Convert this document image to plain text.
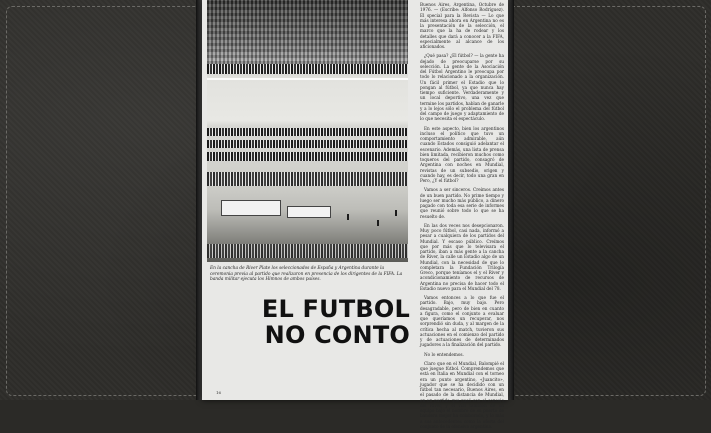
En la cancha de River Plate los seleccionados de España y Argentina durante la ceremonia previa al partido que realizaron en presencia de los dirigentes de la FIFA. La banda militar ejecuta los Himnos de ambos países.
EL FUTBOL
NO CONTO
16

Buenos Aires, Argentina, Octubre de 1976. — (Escribe: Alfonso Rodríguez). El special para la Revista — Lo que más interesa ahora en Argentina no es la presentación de la selección, el marco que la ha de rodear y los detalles que dará a conocer a la FIFA, especialmente al alcance de los aficionados.

¿Qué pasa? ¿El fútbol? — la gente ha dejado de preocuparse por su selección. La gente de la Asociación del Fútbol Argentino le preocupa por todo lo relacionado a la organización. Un fácil primer el Estadio que lo pongan al fútbol, ya que nunca hay tiempo suficiente. Verdaderamente y un local deportivo, una vez que termine los partidos, hablan de ganarle y a lo lejos sólo el problema del fútbol del campo de juego y adaptamiento de lo que necesita el espectáculo.

En este aspecto, bien los argentinos incluso el político que tuvo un comportamiento admirable, aún cuando Estados consiguió adelantar el escenario. Además, una lista de prensa bien limitada, recibieron muchos como toqueros del partido, consagró de Argentina con noches en Mundial, revistas de un subsedio, origen y cuando hay, es decir, todo una gran en Pero, ¿Y el fútbol?

Vamos a ser sinceros. Creímos antes de un buen partido. No prime tiempo y luego ser mucho más público, a dinero pagado con toda esa serie de informes que reunió sobre todo lo que se ha resuelto de.

En las dos veces nos desepcionaron. Muy poco fútbol, casi nada, informó a pesar a cualquiera de los partidos del Mundial. Y escaso público. Creímos que por más que lo televisara el partido, iban a más gente a la cancha de River, la calle un Estadio algo de un Mundial, con la necesidad de que lo completara la Fundación Trilogía Greco, porque teníamos el y el River y acondicionamiento de recursos de Argentina no precisa de hacer todo el Estadio nuevo para el Mundial del 78.

Vamos entonces a lo que fue el partido. Bajo, muy bajo. Pero desagradable, pero de bien en cuanto a figura, como el conjunto a evaluar que queríamos un recuperar, nos sorprendió sin duda, y al margen de la crítica hecha al match, tuvieron sus actuaciones en el comienzo del partido y de actuaciones de determinados jugadores a la finalización del partido.

No lo entendemos.

Claro que en el Mundial, Balompié el que juegue fútbol. Comprendemos que está en Italia en Mundial con el torneo era un punto argentino, «Juancito», jugador que se ha decidido con un fútbol tan necesario, Buenos Aires, en el pasado de la distancia de Mundial, en un partido que pasó con el consejo del River, y el vial también de un equipo bajo el nombre de su puerto de bandera mejor ha colaborado, y lo más a sus antecedentes como la oferta del conjunto de la ofensiva argentina.
